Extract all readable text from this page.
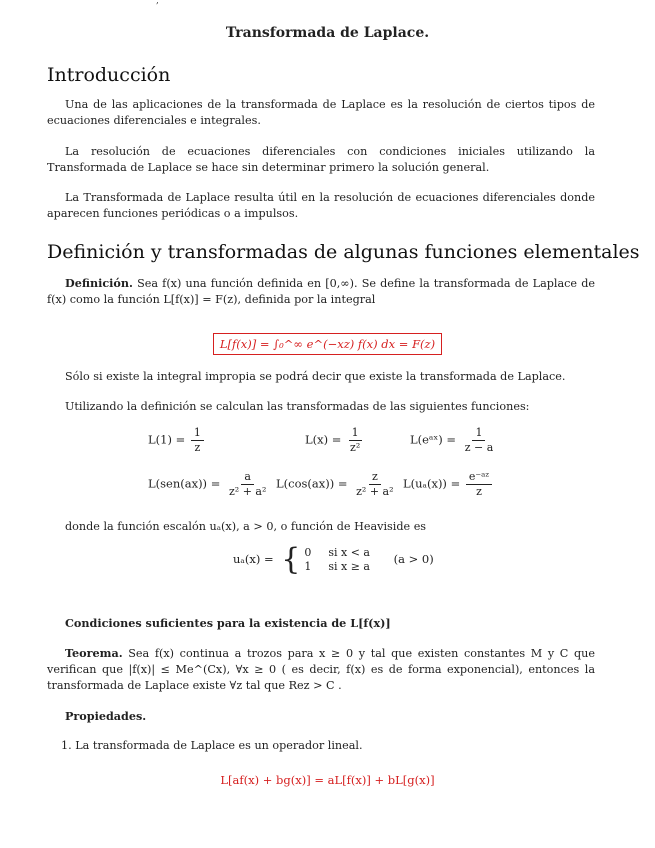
,
Transformada de Laplace.
Introducción
Una de las aplicaciones de la transformada de Laplace es la resolución de ciertos tipos de ecuaciones diferenciales e integrales.
La resolución de ecuaciones diferenciales con condiciones iniciales utilizando la Transformada de Laplace se hace sin determinar primero la solución general.
La Transformada de Laplace resulta útil en la resolución de ecuaciones diferenciales donde aparecen funciones periódicas o a impulsos.
Definición y transformadas de algunas funciones elementales
Definición. Sea f(x) una función definida en [0,∞). Se define la transformada de Laplace de f(x) como la función L[f(x)] = F(z), definida por la integral
L[f(x)] = ∫₀^∞ e^(−xz) f(x) dx = F(z)
Sólo si existe la integral impropia se podrá decir que existe la transformada de Laplace.
Utilizando la definición se calculan las transformadas de las siguientes funciones:
$L(1) = \frac{1}{z}$	$L(x) = \frac{1}{\text{z²}}$	L(eᵃˣ) = $\frac{1}{z - a}$
$L(sen(ax)) = \frac{a}{\text{z² + a²}} L(\cos(ax)) = \frac{z}{\text{z² + a²}} L(u_a(x)) = \frac{\text{e⁻ᵃᶻ}}{z}$
donde la función escalón uₐ(x), a > 0, o función de Heaviside es
uₐ(x) = { 0 si x < a
1 si x ≥ a
(a > 0)
Condiciones suficientes para la existencia de L[f(x)]
Teorema. Sea f(x) continua a trozos para x ≥ 0 y tal que existen constantes M y C que verifican que |f(x)| ≤ Me^(Cx), ∀x ≥ 0 ( es decir, f(x) es de forma exponencial), entonces la transformada de Laplace existe ∀z tal que Rez > C .
Propiedades.
1. La transformada de Laplace es un operador lineal.
L[af(x) + bg(x)] = aL[f(x)] + bL[g(x)]
